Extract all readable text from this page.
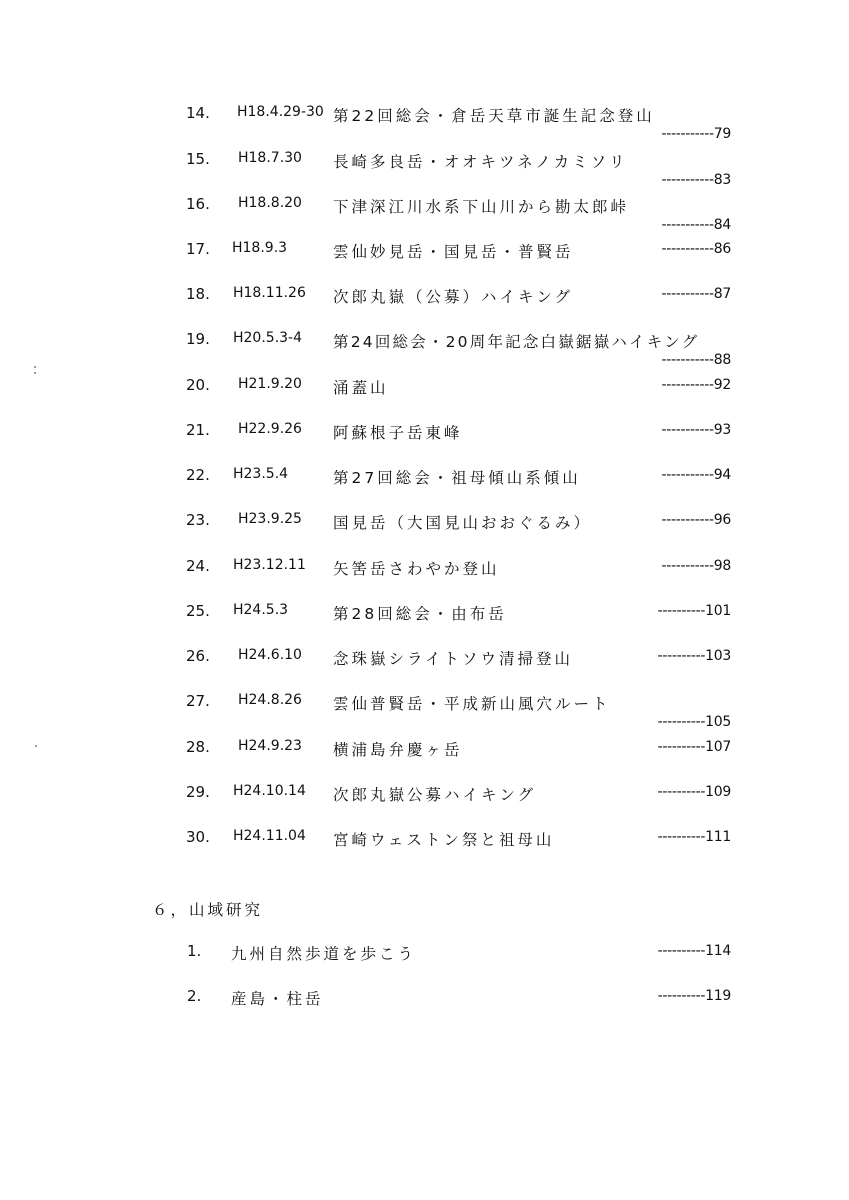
14. H18.4.29-30 第22回総会・倉岳天草市誕生記念登山
-----------79
15. H18.7.30 長崎多良岳・オオキツネノカミソリ
-----------83
16. H18.8.20 下津深江川水系下山川から勘太郎峠
-----------84
17. H18.9.3	雲仙妙見岳・国見岳・普賢岳	-----------86
18. H18.11.26 次郎丸嶽（公募）ハイキング	-----------87
19. H20.5.3-4 第24回総会・20周年記念白嶽鋸嶽ハイキング
-----------88
20. H21.9.20 涌蓋山	-----------92
21. H22.9.26 阿蘇根子岳東峰	-----------93
22. H23.5.4	第27回総会・祖母傾山系傾山	-----------94
23. H23.9.25 国見岳（大国見山おおぐるみ）	-----------96
24. H23.12.11 矢筈岳さわやか登山	-----------98
25. H24.5.3	第28回総会・由布岳	----------101
26. H24.6.10 念珠嶽シライトソウ清掃登山	----------103
27. H24.8.26 雲仙普賢岳・平成新山風穴ルート
----------105
28. H24.9.23 横浦島弁慶ヶ岳	----------107
29. H24.10.14 次郎丸嶽公募ハイキング	----------109
30. H24.11.04 宮崎ウェストン祭と祖母山	----------111
６，山域研究
1. 九州自然歩道を歩こう	----------114
2. 産島・柱岳	----------119
